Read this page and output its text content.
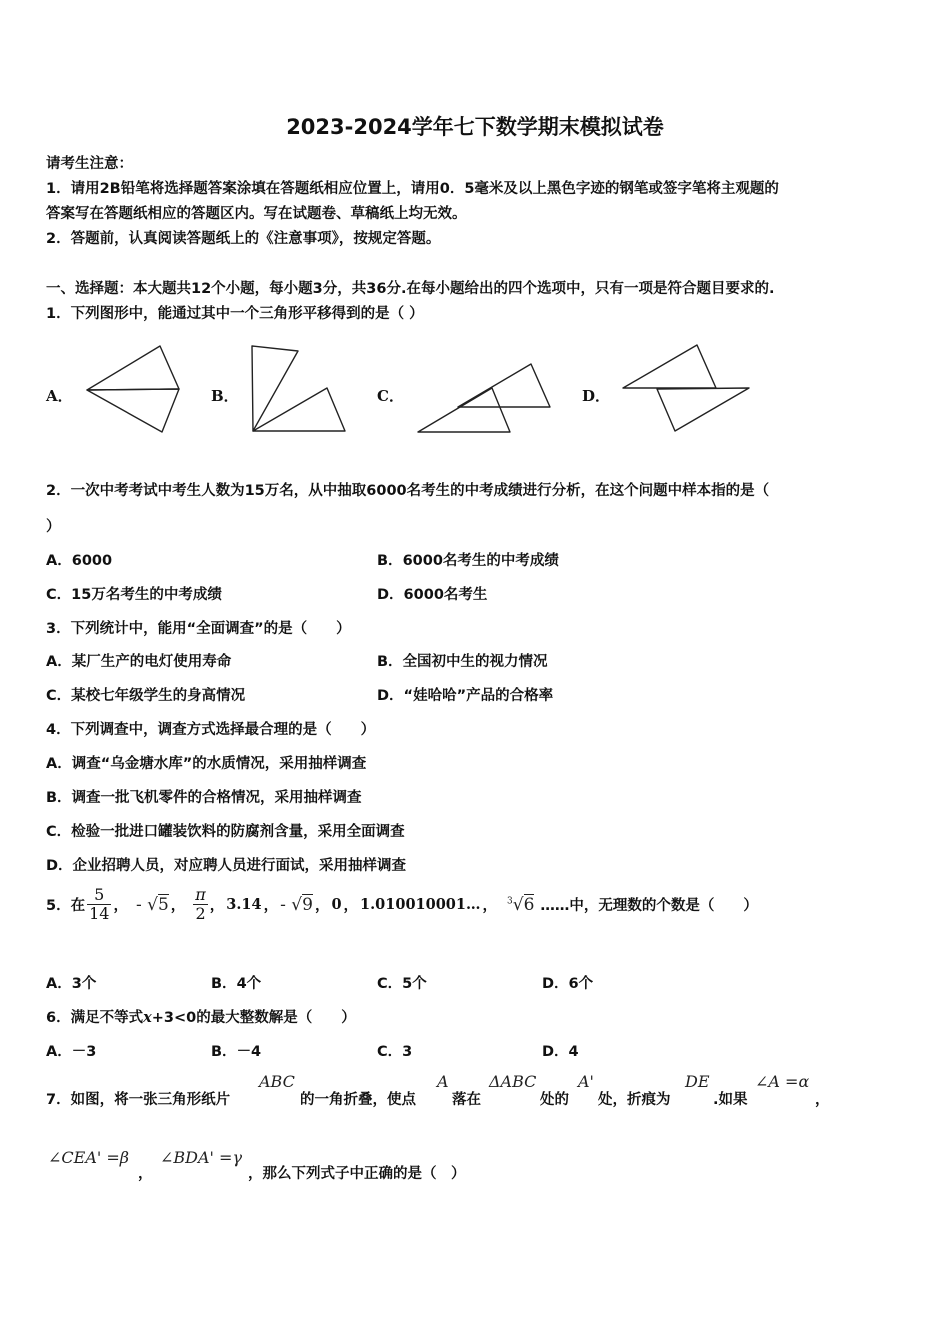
2023-2024学年七下数学期末模拟试卷
请考生注意：
1．请用2B铅笔将选择题答案涂填在答题纸相应位置上，请用0．5毫米及以上黑色字迹的钢笔或签字笔将主观题的
答案写在答题纸相应的答题区内。写在试题卷、草稿纸上均无效。
2．答题前，认真阅读答题纸上的《注意事项》，按规定答题。
一、选择题：本大题共12个小题，每小题3分，共36分.在每小题给出的四个选项中，只有一项是符合题目要求的.
1．下列图形中，能通过其中一个三角形平移得到的是（ ）
A．	B．	C．	D．
2．一次中考考试中考生人数为15万名，从中抽取6000名考生的中考成绩进行分析，在这个问题中样本指的是（
）
A．6000	B．6000名考生的中考成绩
C．15万名考生的中考成绩	D．6000名考生
3．下列统计中，能用“全面调查”的是（　　）
A．某厂生产的电灯使用寿命	B．全国初中生的视力情况
C．某校七年级学生的身高情况	D．“娃哈哈”产品的合格率
4．下列调查中，调查方式选择最合理的是（　　）
A．调查“乌金塘水库”的水质情况，采用抽样调查
B．调查一批飞机零件的合格情况，采用抽样调查
C．检验一批进口罐装饮料的防腐剂含量，采用全面调查
D．企业招聘人员，对应聘人员进行面试，采用抽样调查
5．在 $\frac{5}{14}$ ， - √5 ， $\frac{\pi}{2}$ ， 3.14 ， - √9 ， 0 ， 1.010010001… ， $^3$√6 ……中，无理数的个数是（　　）
A．3个	B．4个	C．5个	D．6个
6．满足不等式x+3<0的最大整数解是（　　）
A．－3	B．－4	C．3	D．4
7．如图，将一张三角形纸片
ABC
的一角折叠，使点
A
落在
ΔABC
处的
A'
处，折痕为
DE
.如果
∠A =α
，
∠CEA' =β
，
∠BDA' =γ
，那么下列式子中正确的是（　）
